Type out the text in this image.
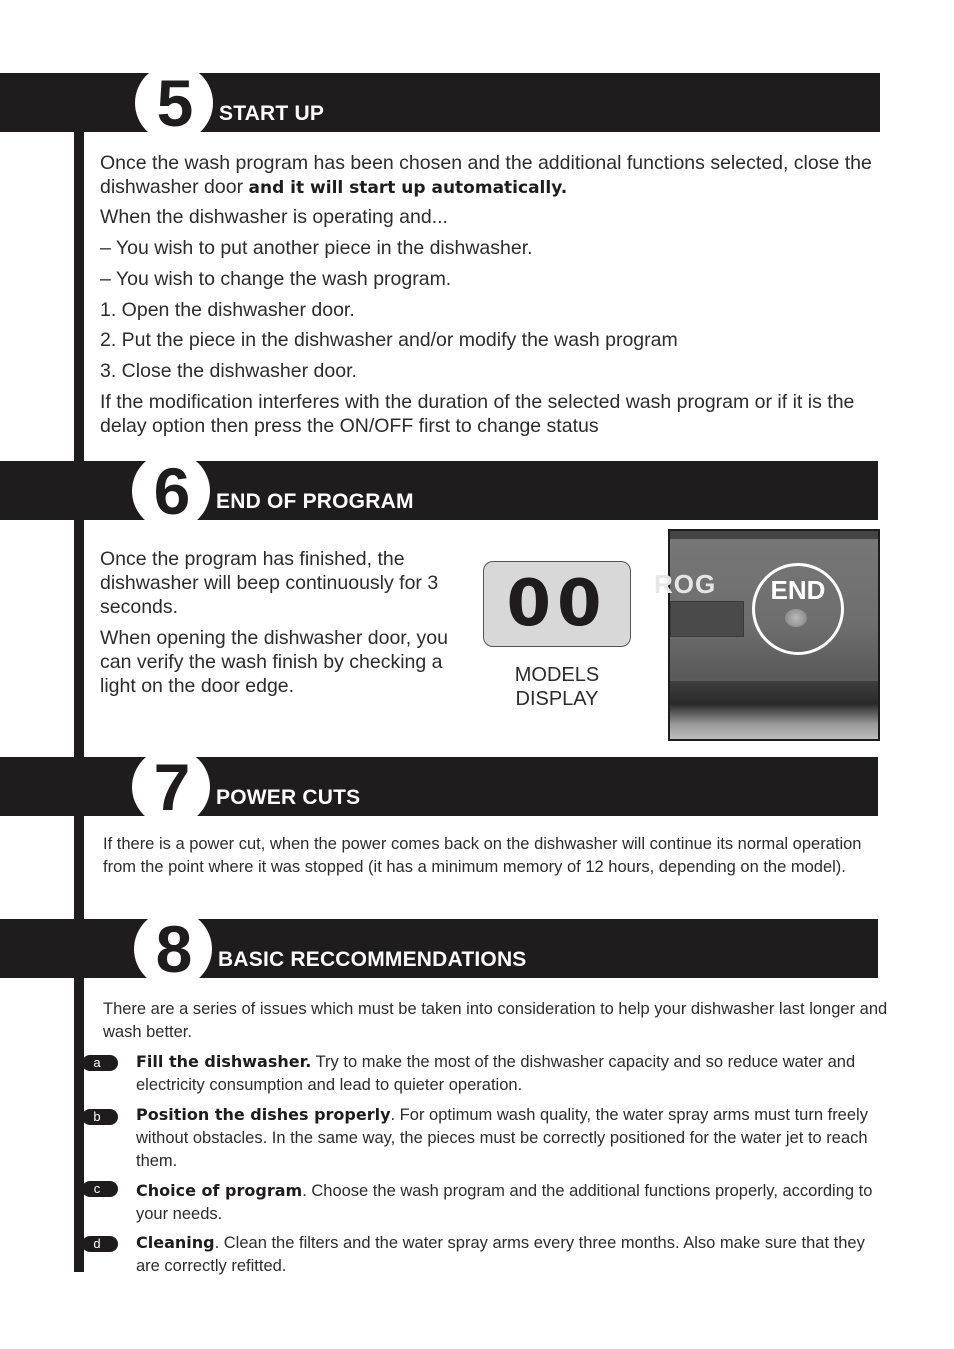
START UP
5

Once the wash program has been chosen and the additional functions selected, close the dishwasher door and it will start up automatically.

When the dishwasher is operating and...

– You wish to put another piece in the dishwasher.

– You wish to change the wash program.

1. Open the dishwasher door.

2. Put the piece in the dishwasher and/or modify the wash program

3. Close the dishwasher door.

If the modification interferes with the duration of the selected wash program or if it is the delay option then press the ON/OFF first to change status

END OF PROGRAM
6

Once the program has finished, the dishwasher will beep continuously for 3 seconds.

When opening the dishwasher door, you can verify the wash finish by checking a light on the door edge.

00
MODELS
DISPLAY
ROG	END
POWER CUTS
7

If there is a power cut, when the power comes back on the dishwasher will continue its normal operation from the point where it was stopped (it has a minimum memory of 12 hours, depending on the model).

BASIC RECCOMMENDATIONS
8

There are a series of issues which must be taken into consideration to help your dishwasher last longer and wash better.

a	Fill the dishwasher. Try to make the most of the dishwasher capacity and so reduce water and electricity consumption and lead to quieter operation.

b	Position the dishes properly. For optimum wash quality, the water spray arms must turn freely without obstacles. In the same way, the pieces must be correctly positioned for the water jet to reach them.

c	Choice of program. Choose the wash program and the additional functions properly, according to your needs.

d	Cleaning. Clean the filters and the water spray arms every three months. Also make sure that they are correctly refitted.
